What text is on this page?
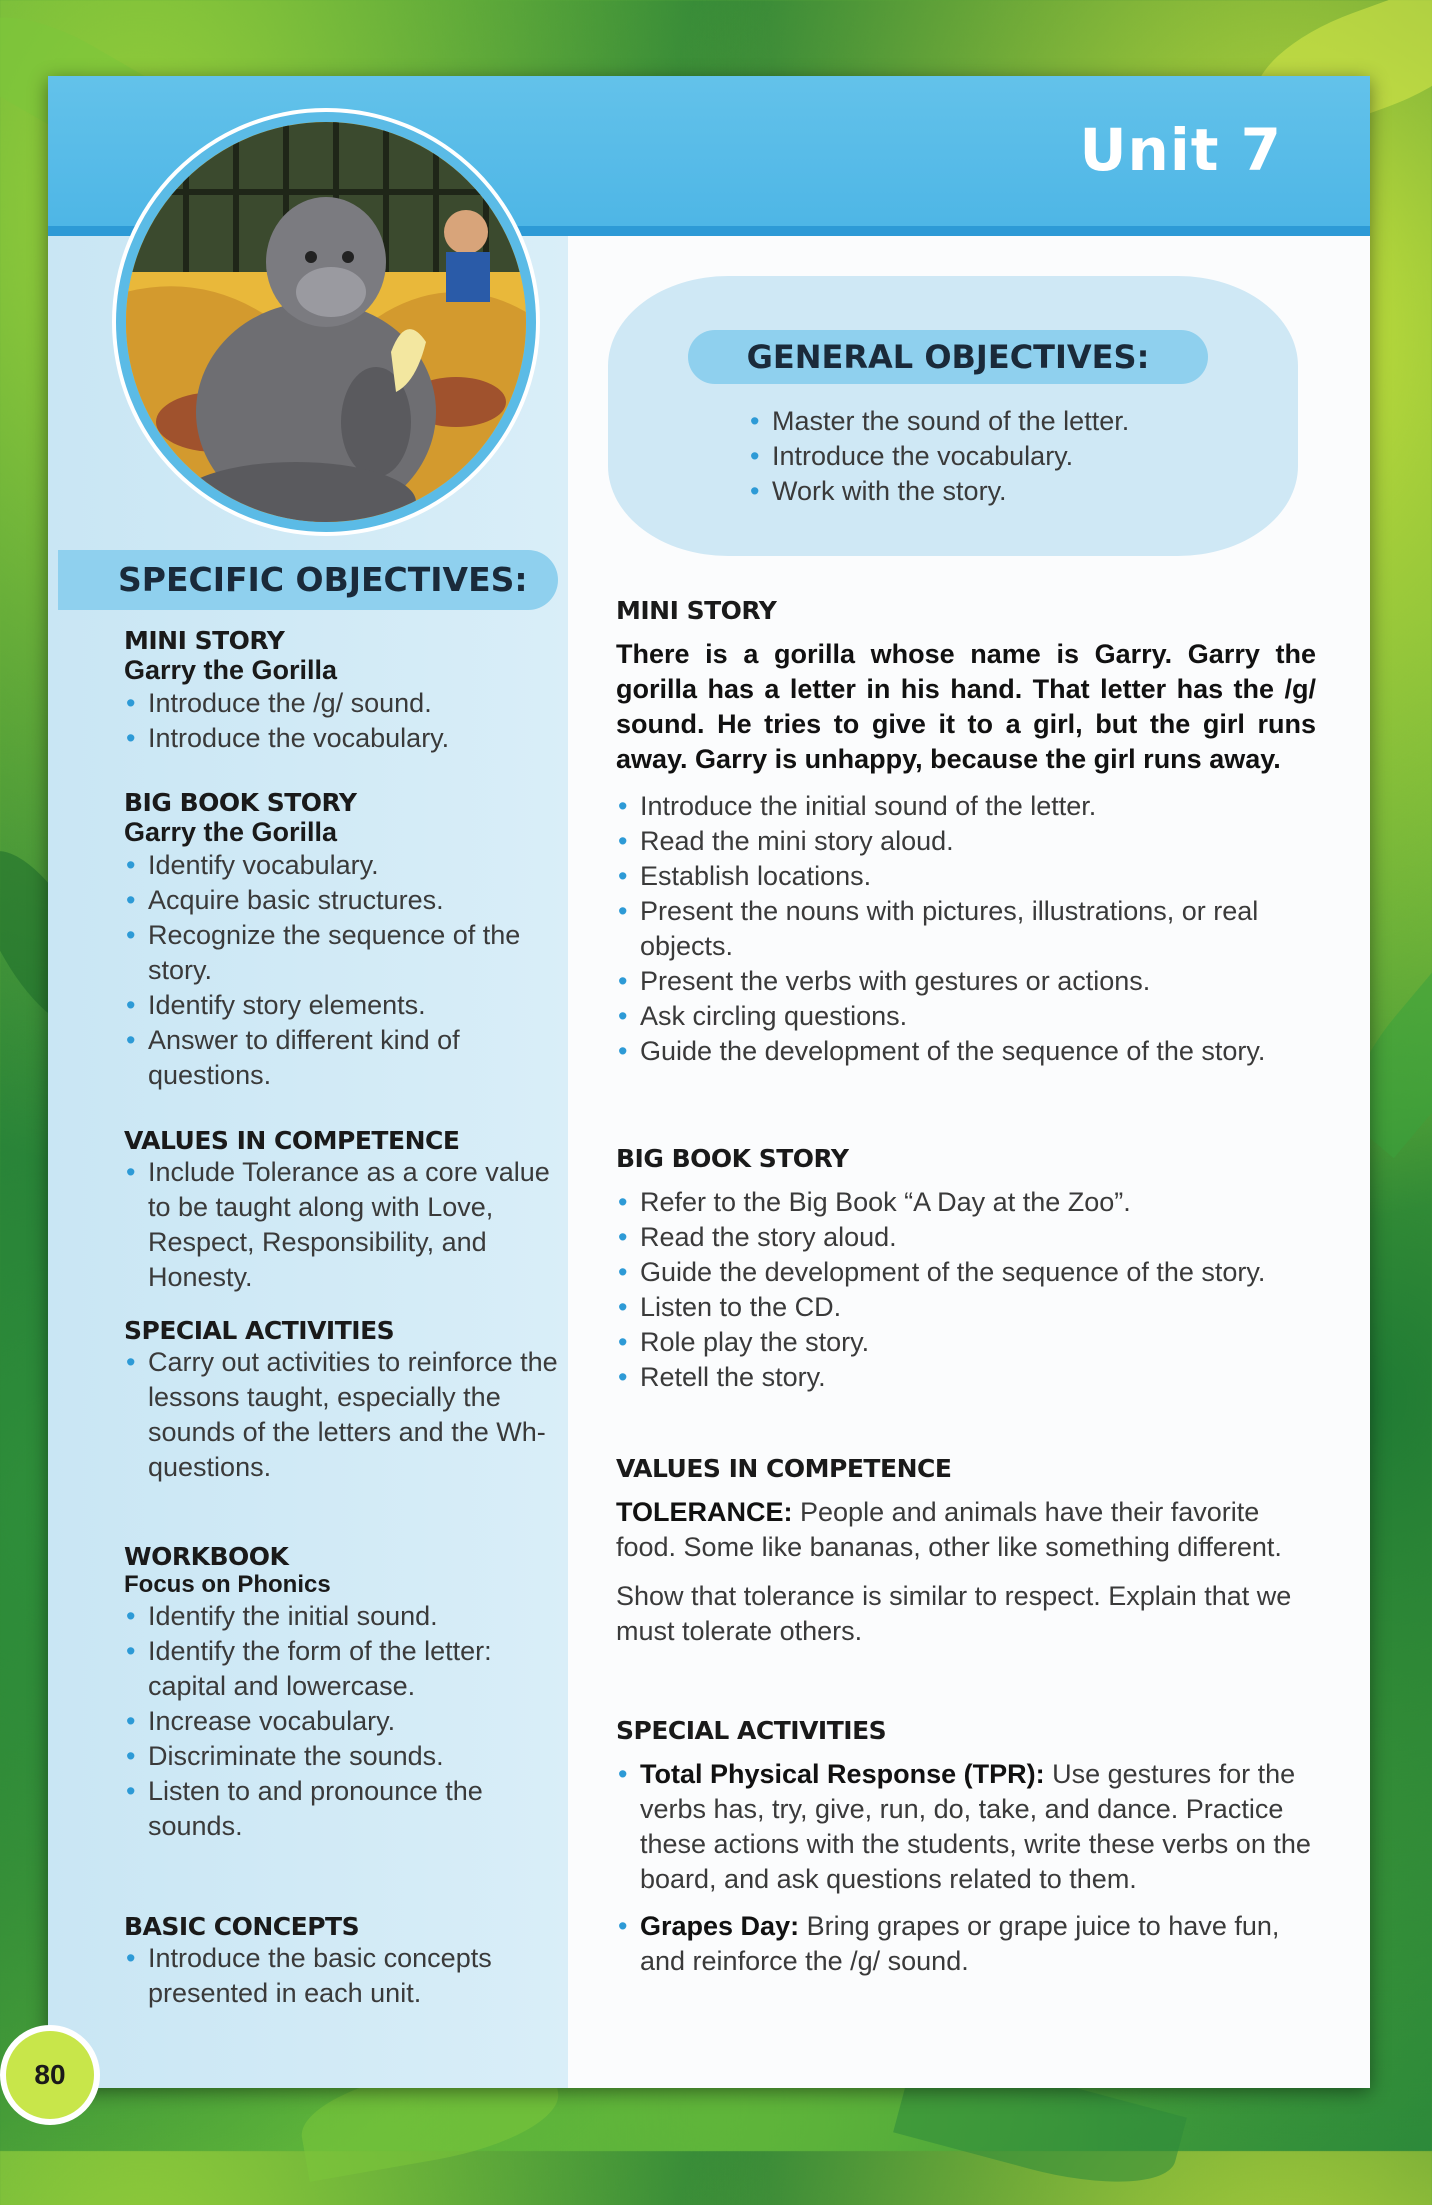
Unit 7
GENERAL OBJECTIVES:
• Master the sound of the letter.
• Introduce the vocabulary.
• Work with the story.
SPECIFIC OBJECTIVES:
MINI STORY
Garry the Gorilla
• Introduce the /g/ sound.
• Introduce the vocabulary.
BIG BOOK STORY
Garry the Gorilla
• Identify vocabulary.
• Acquire basic structures.
• Recognize the sequence of the story.
• Identify story elements.
• Answer to different kind of questions.
VALUES IN COMPETENCE
• Include Tolerance as a core value to be taught along with Love, Respect, Responsibility, and Honesty.
SPECIAL ACTIVITIES
• Carry out activities to reinforce the lessons taught, especially the sounds of the letters and the Wh-questions.
WORKBOOK
Focus on Phonics
• Identify the initial sound.
• Identify the form of the letter: capital and lowercase.
• Increase vocabulary.
• Discriminate the sounds.
• Listen to and pronounce the sounds.
BASIC CONCEPTS
• Introduce the basic concepts presented in each unit.
MINI STORY
There is a gorilla whose name is Garry. Garry the gorilla has a letter in his hand. That letter has the /g/ sound. He tries to give it to a girl, but the girl runs away. Garry is unhappy, because the girl runs away.
• Introduce the initial sound of the letter.
• Read the mini story aloud.
• Establish locations.
• Present the nouns with pictures, illustrations, or real objects.
• Present the verbs with gestures or actions.
• Ask circling questions.
• Guide the development of the sequence of the story.
BIG BOOK STORY
• Refer to the Big Book “A Day at the Zoo”.
• Read the story aloud.
• Guide the development of the sequence of the story.
• Listen to the CD.
• Role play the story.
• Retell the story.
VALUES IN COMPETENCE
TOLERANCE: People and animals have their favorite food. Some like bananas, other like something different.
Show that tolerance is similar to respect. Explain that we must tolerate others.
SPECIAL ACTIVITIES
• Total Physical Response (TPR): Use gestures for the verbs has, try, give, run, do, take, and dance. Practice these actions with the students, write these verbs on the board, and ask questions related to them.
• Grapes Day: Bring grapes or grape juice to have fun, and reinforce the /g/ sound.
80
